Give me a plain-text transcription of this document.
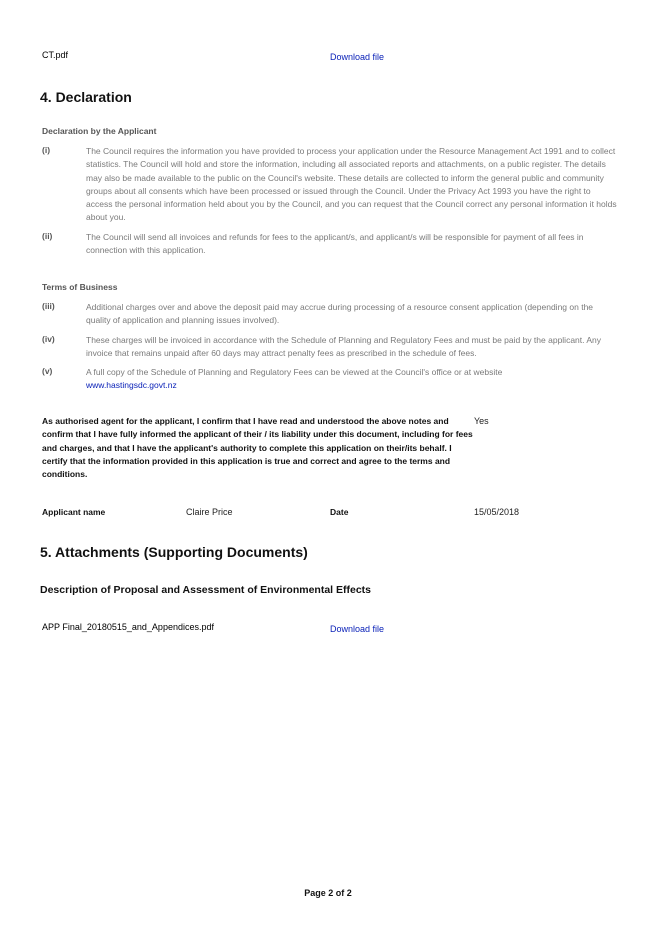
CT.pdf	Download file
4. Declaration
Declaration by the Applicant
(i)	The Council requires the information you have provided to process your application under the Resource Management Act 1991 and to collect statistics. The Council will hold and store the information, including all associated reports and attachments, on a public register. The details may also be made available to the public on the Council's website. These details are collected to inform the general public and community groups about all consents which have been processed or issued through the Council. Under the Privacy Act 1993 you have the right to access the personal information held about you by the Council, and you can request that the Council correct any personal information it holds about you.
(ii)	The Council will send all invoices and refunds for fees to the applicant/s, and applicant/s will be responsible for payment of all fees in connection with this application.
Terms of Business
(iii)	Additional charges over and above the deposit paid may accrue during processing of a resource consent application (depending on the quality of application and planning issues involved).
(iv)	These charges will be invoiced in accordance with the Schedule of Planning and Regulatory Fees and must be paid by the applicant. Any invoice that remains unpaid after 60 days may attract penalty fees as prescribed in the schedule of fees.
(v)	A full copy of the Schedule of Planning and Regulatory Fees can be viewed at the Council's office or at website
www.hastingsdc.govt.nz
As authorised agent for the applicant, I confirm that I have read and understood the above notes and confirm that I have fully informed the applicant of their / its liability under this document, including for fees and charges, and that I have the applicant's authority to complete this application on their/its behalf. I certify that the information provided in this application is true and correct and agree to the terms and conditions.
Yes
Applicant name	Claire Price	Date	15/05/2018
5. Attachments (Supporting Documents)
Description of Proposal and Assessment of Environmental Effects
APP Final_20180515_and_Appendices.pdf	Download file
Page 2 of 2
